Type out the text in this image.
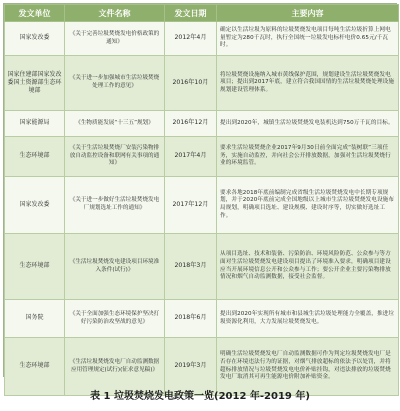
发文单位	文件名称	发文日期	主要内容
国家发改委	《关于完善垃圾焚烧发电价格政策的通知》	2012年4月	确定以生活垃圾为原料的垃圾焚烧发电项目每吨生活垃圾折算上网电量暂定为280千瓦时，执行全国统一垃圾发电标杆电价0.65元/千瓦时。
国家住建部国家发改委国土资源部生态环境部	《关于进一步加强城市生活垃圾焚烧处理工作的意见》	2016年10月	将垃圾焚烧设施纳入城市黄线保护范围，规划建设生活垃圾焚烧发电项目；提出到2017年底，建立符合我国国情的生活垃圾焚烧处理设施规划建设管理体系。
国家能源局	《生物质能发展“十三五”规划》	2016年12月	提出到2020年，城镇生活垃圾焚烧发电装机达到750万千瓦的目标。
生态环境部	《关于生活垃圾焚烧厂安装污染物排放自动监控设备和联网有关事项的通知》	2017年4月	要求生活垃圾焚烧企业2017年9月30日前全面完成“装树联”三项任务，实施自动监控，并向社会公开排放数据，加强对生活垃圾焚烧行业的环境监管。
国家发改委	《关于进一步做好生活垃圾焚烧发电厂规划选址工作的通知》	2017年12月	要求各地2018年底前编制完成省级生活垃圾焚烧发电中长期专项规划，并于2020年底前完成全国地级以上城市生活垃圾焚烧发电设施布局规划，明确项目选址、建设规模、建设时序等，切实做好选址工作。
生态环境部	《生活垃圾焚烧发电建设项目环境准入条件(试行)》	2018年3月	从项目选址、技术和装备、污染防治、环境风险防范、公众参与等方面对生活垃圾焚烧发电建设项目提出了环境准入要求，明确项目建设应当开展环境信息公开和公众参与工作；要公开企业主要污染物排放情况和烟气自动监测数据，接受社会监督。
国务院	《关于全面加强生态环境保护坚决打好污染防治攻坚战的意见》	2018年6月	提出到2020年实现所有城市和县城生活垃圾处理能力全覆盖，推进垃圾资源化利用，大力发展垃圾焚烧发电。
生态环境部	《生活垃圾焚烧发电厂自动监测数据应用管理规定(试行)(征求意见稿)》	2019年3月	明确生活垃圾焚烧发电厂自动监测数据可作为判定垃圾焚烧发电厂是否存在环境违法行为的证据，对烟气排放超标的依法予以处罚，并将超标排放情况与垃圾焚烧发电电价补贴挂钩，对违法排放的垃圾焚烧发电厂取消其可再生能源电价附加补贴资金。
表 1 垃圾焚烧发电政策一览(2012 年-2019 年)
